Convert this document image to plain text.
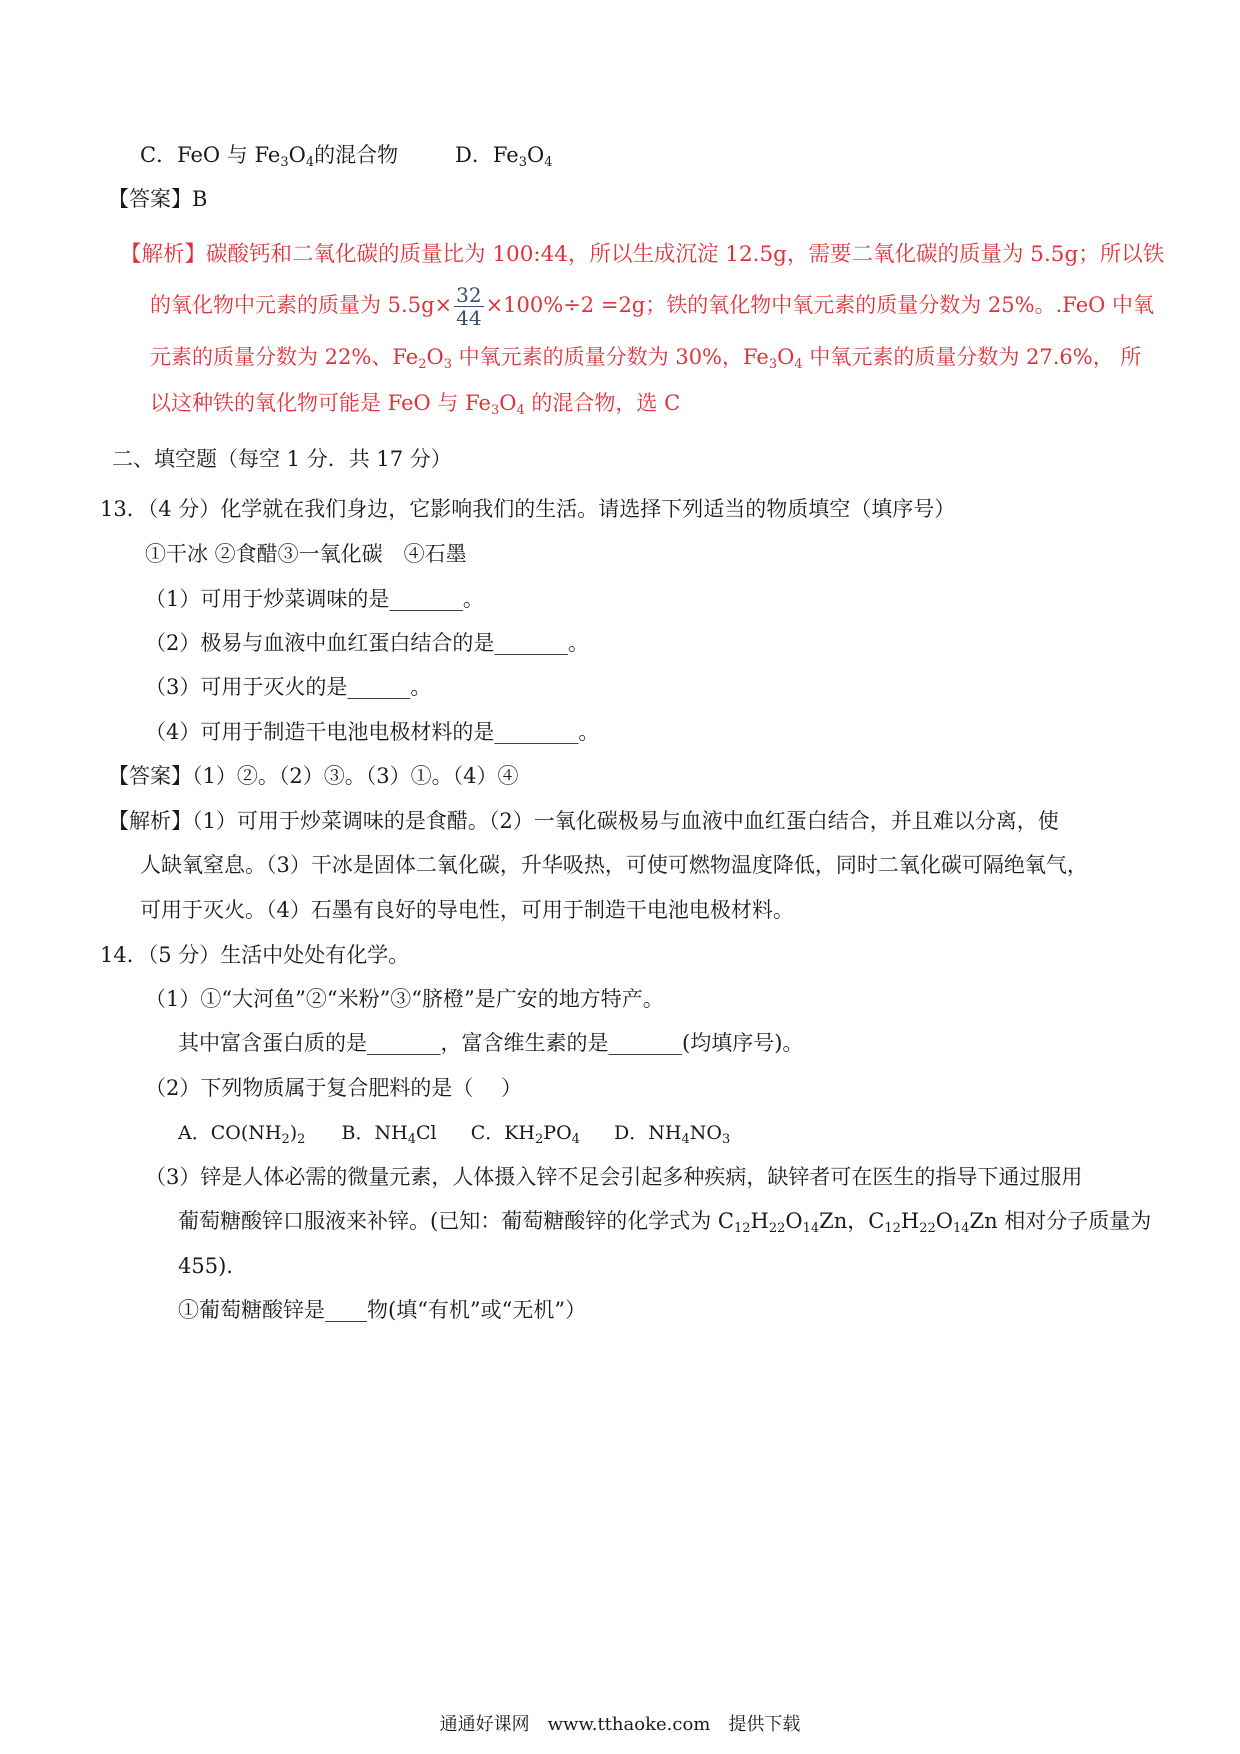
C．FeO 与 $Fe_3O_4$的混合物	D．$Fe_3O_4$
【答案】B
【解析】碳酸钙和二氧化碳的质量比为 100:44，所以生成沉淀 12.5g，需要二氧化碳的质量为 5.5g；所以铁
的氧化物中元素的质量为 $5.5g\times \frac{32}{44} \times 100\%\div 2 =2g$；铁的氧化物中氧元素的质量分数为 25%。.FeO 中氧
元素的质量分数为 22%、$Fe_2O_3$ 中氧元素的质量分数为 30%，$Fe_3O_4$ 中氧元素的质量分数为 27.6%， 所
以这种铁的氧化物可能是 FeO 与 $Fe_3O_4$ 的混合物，选 C
二、填空题（每空 1 分．共 17 分）
13．（4 分）化学就在我们身边，它影响我们的生活。请选择下列适当的物质填空（填序号）
①干冰 ②食醋③一氧化碳　④石墨
（1）可用于炒菜调味的是_______。
（2）极易与血液中血红蛋白结合的是_______。
（3）可用于灭火的是______。
（4）可用于制造干电池电极材料的是________。
【答案】（1）②。（2）③。（3）①。（4）④
【解析】（1）可用于炒菜调味的是食醋。（2）一氧化碳极易与血液中血红蛋白结合，并且难以分离，使
人缺氧窒息。（3）干冰是固体二氧化碳，升华吸热，可使可燃物温度降低，同时二氧化碳可隔绝氧气，
可用于灭火。（4）石墨有良好的导电性，可用于制造干电池电极材料。
14．（5 分）生活中处处有化学。
（1）①“大河鱼”②“米粉”③“脐橙”是广安的地方特产。
其中富含蛋白质的是_______，富含维生素的是_______(均填序号)。
（2）下列物质属于复合肥料的是（　 ）
A．$CO(NH_2)_2$ B．$NH_4Cl$ C．$KH_2PO_4$ D．$NH_4NO_3$
（3）锌是人体必需的微量元素，人体摄入锌不足会引起多种疾病，缺锌者可在医生的指导下通过服用
葡萄糖酸锌口服液来补锌。(已知：葡萄糖酸锌的化学式为 $C_{12}H_{22}O_{14}Zn$，$C_{12}H_{22}O_{14}Zn$ 相对分子质量为
455).
①葡萄糖酸锌是____物(填“有机”或“无机”）
通通好课网　www.tthaoke.com　提供下载
